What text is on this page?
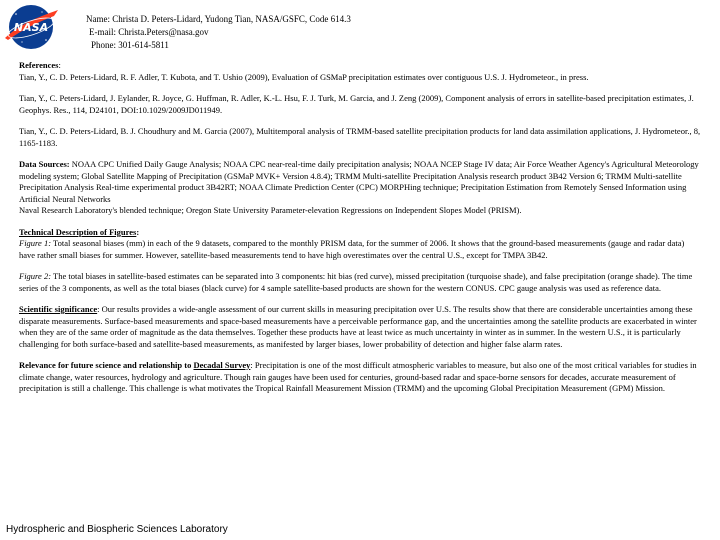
NASA
Name: Christa D. Peters-Lidard, Yudong Tian, NASA/GSFC, Code 614.3
E-mail: Christa.Peters@nasa.gov
Phone: 301-614-5811

References:
Tian, Y., C. D. Peters-Lidard, R. F. Adler, T. Kubota, and T. Ushio (2009), Evaluation of GSMaP precipitation estimates over contiguous U.S. J. Hydrometeor., in press.

Tian, Y., C. Peters-Lidard, J. Eylander, R. Joyce, G. Huffman, R. Adler, K.-L. Hsu, F. J. Turk, M. Garcia, and J. Zeng (2009), Component analysis of errors in satellite-based precipitation estimates, J. Geophys. Res., 114, D24101, DOI:10.1029/2009JD011949.

Tian, Y., C. D. Peters-Lidard, B. J. Choudhury and M. Garcia (2007), Multitemporal analysis of TRMM-based satellite precipitation products for land data assimilation applications, J. Hydrometeor., 8, 1165-1183.

Data Sources: NOAA CPC Unified Daily Gauge Analysis; NOAA CPC near-real-time daily precipitation analysis; NOAA NCEP Stage IV data; Air Force Weather Agency's Agricultural Meteorology modeling system; Global Satellite Mapping of Precipitation (GSMaP MVK+ Version 4.8.4); TRMM Multi-satellite Precipitation Analysis research product 3B42 Version 6; TRMM Multi-satellite Precipitation Analysis Real-time experimental product 3B42RT; NOAA Climate Prediction Center (CPC) MORPHing technique; Precipitation Estimation from Remotely Sensed Information using Artificial Neural Networks
Naval Research Laboratory's blended technique; Oregon State University Parameter-elevation Regressions on Independent Slopes Model (PRISM).

Technical Description of Figures:
Figure 1: Total seasonal biases (mm) in each of the 9 datasets, compared to the monthly PRISM data, for the summer of 2006. It shows that the ground-based measurements (gauge and radar data) have rather small biases for summer. However, satellite-based measurements tend to have high overestimates over the central U.S., except for TMPA 3B42.

Figure 2: The total biases in satellite-based estimates can be separated into 3 components: hit bias (red curve), missed precipitation (turquoise shade), and false precipitation (orange shade). The time series of the 3 components, as well as the total biases (black curve) for 4 sample satellite-based products are shown for the western CONUS. CPC gauge analysis was used as reference data.

Scientific significance: Our results provides a wide-angle assessment of our current skills in measuring precipitation over U.S. The results show that there are considerable uncertainties among these disparate measurements. Surface-based measurements and space-based measurements have a perceivable performance gap, and the uncertainties among the satellite products are exacerbated in winter when they are of the same order of magnitude as the data themselves. Together these products have at least twice as much uncertainty in winter as in summer. In the western U.S., it is particularly challenging for both surface-based and satellite-based measurements, as manifested by larger biases, lower probability of detection and higher false alarm rates.

Relevance for future science and relationship to Decadal Survey: Precipitation is one of the most difficult atmospheric variables to measure, but also one of the most critical variables for studies in climate change, water resources, hydrology and agriculture. Though rain gauges have been used for centuries, ground-based radar and space-borne sensors for decades, accurate measurement of precipitation is still a challenge. This challenge is what motivates the Tropical Rainfall Measurement Mission (TRMM) and the upcoming Global Precipitation Measurement (GPM) Mission.

Hydrospheric and Biospheric Sciences Laboratory
